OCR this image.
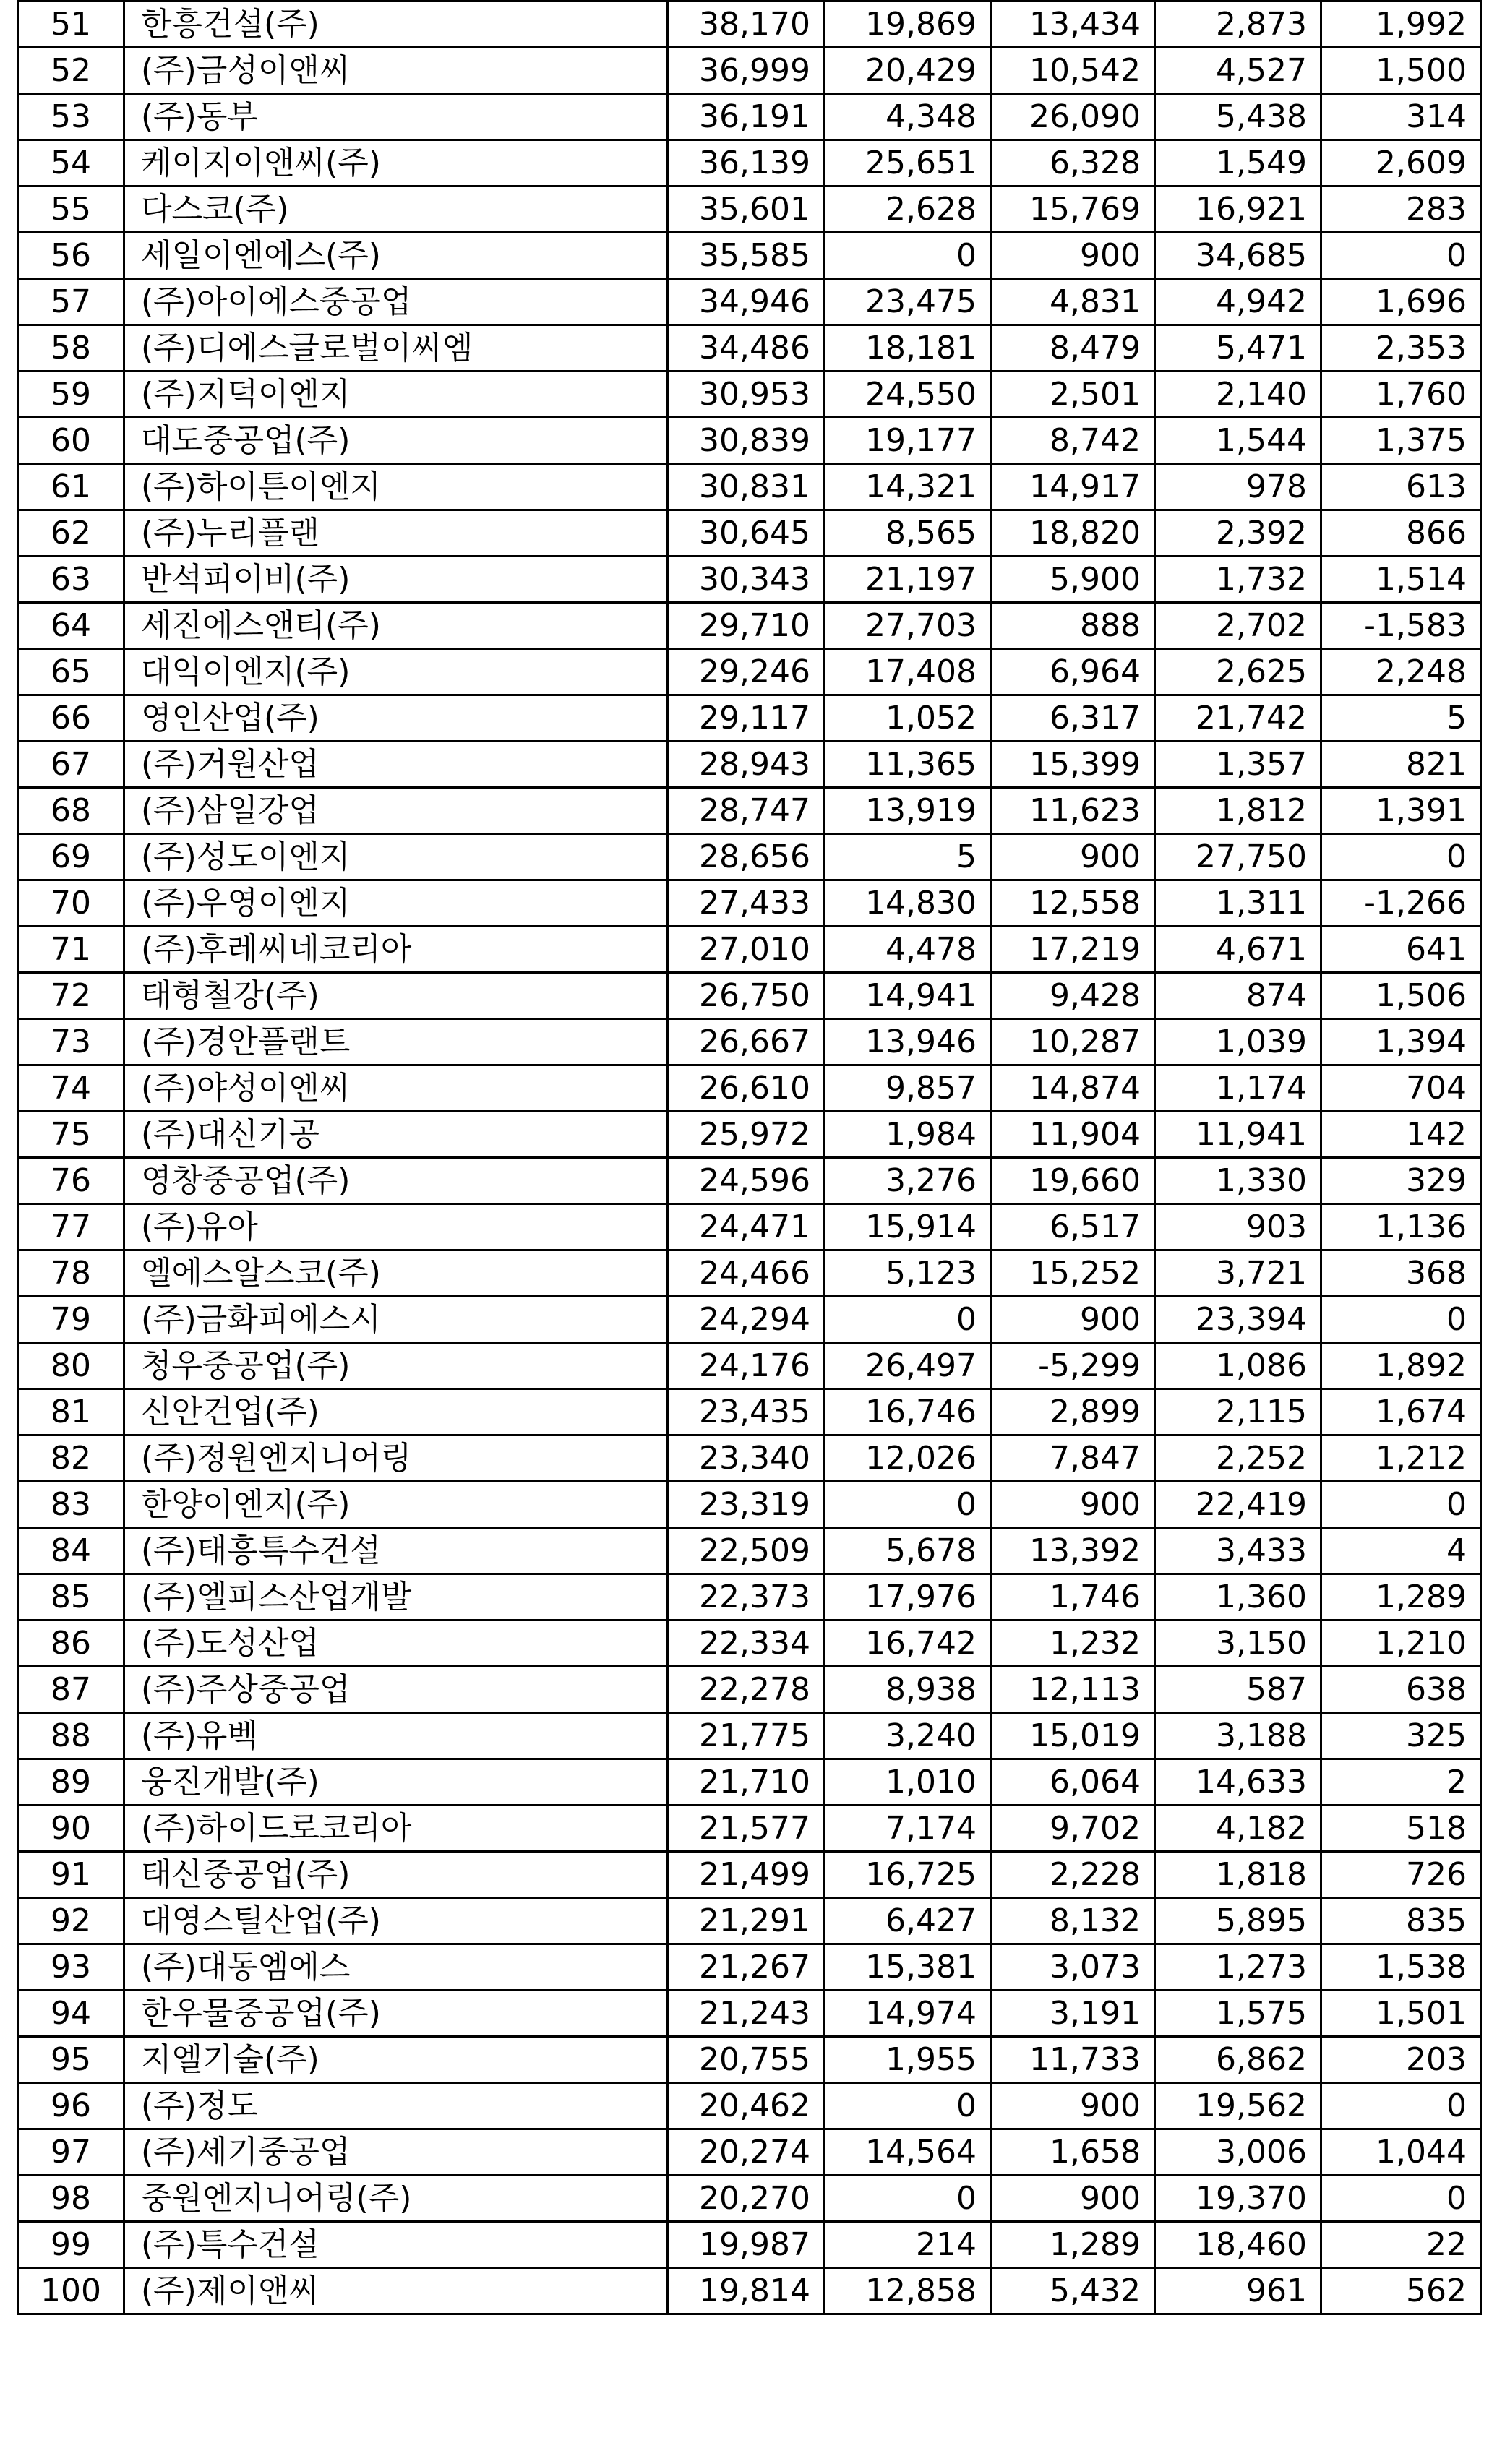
51	한흥건설(주)	38,170	19,869	13,434	2,873	1,992
52	(주)금성이앤씨	36,999	20,429	10,542	4,527	1,500
53	(주)동부	36,191	4,348	26,090	5,438	314
54	케이지이앤씨(주)	36,139	25,651	6,328	1,549	2,609
55	다스코(주)	35,601	2,628	15,769	16,921	283
56	세일이엔에스(주)	35,585	0	900	34,685	0
57	(주)아이에스중공업	34,946	23,475	4,831	4,942	1,696
58	(주)디에스글로벌이씨엠	34,486	18,181	8,479	5,471	2,353
59	(주)지덕이엔지	30,953	24,550	2,501	2,140	1,760
60	대도중공업(주)	30,839	19,177	8,742	1,544	1,375
61	(주)하이튼이엔지	30,831	14,321	14,917	978	613
62	(주)누리플랜	30,645	8,565	18,820	2,392	866
63	반석피이비(주)	30,343	21,197	5,900	1,732	1,514
64	세진에스앤티(주)	29,710	27,703	888	2,702	-1,583
65	대익이엔지(주)	29,246	17,408	6,964	2,625	2,248
66	영인산업(주)	29,117	1,052	6,317	21,742	5
67	(주)거원산업	28,943	11,365	15,399	1,357	821
68	(주)삼일강업	28,747	13,919	11,623	1,812	1,391
69	(주)성도이엔지	28,656	5	900	27,750	0
70	(주)우영이엔지	27,433	14,830	12,558	1,311	-1,266
71	(주)후레씨네코리아	27,010	4,478	17,219	4,671	641
72	태형철강(주)	26,750	14,941	9,428	874	1,506
73	(주)경안플랜트	26,667	13,946	10,287	1,039	1,394
74	(주)야성이엔씨	26,610	9,857	14,874	1,174	704
75	(주)대신기공	25,972	1,984	11,904	11,941	142
76	영창중공업(주)	24,596	3,276	19,660	1,330	329
77	(주)유아	24,471	15,914	6,517	903	1,136
78	엘에스알스코(주)	24,466	5,123	15,252	3,721	368
79	(주)금화피에스시	24,294	0	900	23,394	0
80	청우중공업(주)	24,176	26,497	-5,299	1,086	1,892
81	신안건업(주)	23,435	16,746	2,899	2,115	1,674
82	(주)정원엔지니어링	23,340	12,026	7,847	2,252	1,212
83	한양이엔지(주)	23,319	0	900	22,419	0
84	(주)태흥특수건설	22,509	5,678	13,392	3,433	4
85	(주)엘피스산업개발	22,373	17,976	1,746	1,360	1,289
86	(주)도성산업	22,334	16,742	1,232	3,150	1,210
87	(주)주상중공업	22,278	8,938	12,113	587	638
88	(주)유벡	21,775	3,240	15,019	3,188	325
89	웅진개발(주)	21,710	1,010	6,064	14,633	2
90	(주)하이드로코리아	21,577	7,174	9,702	4,182	518
91	태신중공업(주)	21,499	16,725	2,228	1,818	726
92	대영스틸산업(주)	21,291	6,427	8,132	5,895	835
93	(주)대동엠에스	21,267	15,381	3,073	1,273	1,538
94	한우물중공업(주)	21,243	14,974	3,191	1,575	1,501
95	지엘기술(주)	20,755	1,955	11,733	6,862	203
96	(주)정도	20,462	0	900	19,562	0
97	(주)세기중공업	20,274	14,564	1,658	3,006	1,044
98	중원엔지니어링(주)	20,270	0	900	19,370	0
99	(주)특수건설	19,987	214	1,289	18,460	22
100	(주)제이앤씨	19,814	12,858	5,432	961	562
